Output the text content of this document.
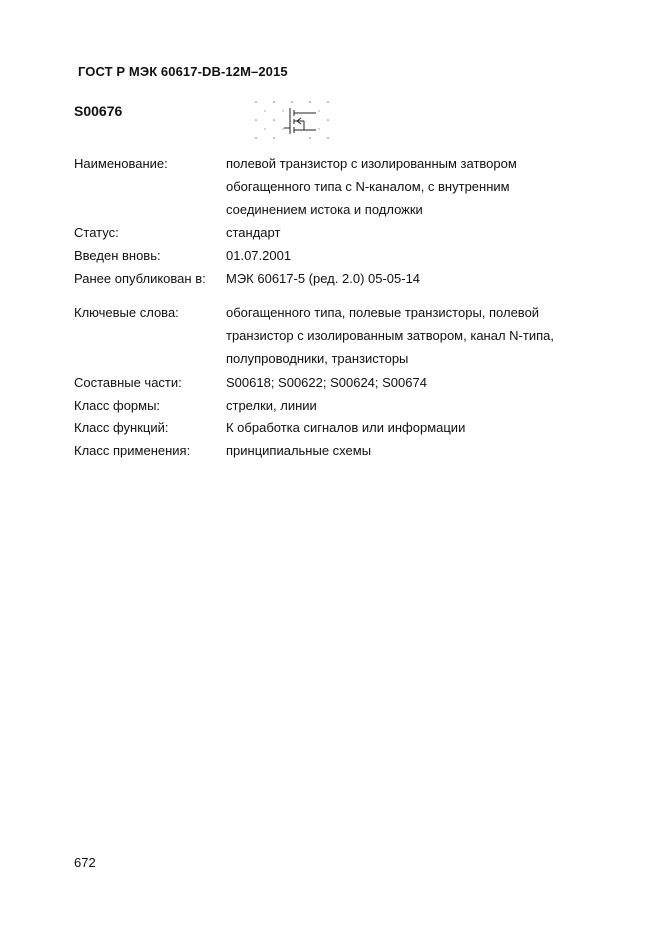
ГОСТ Р МЭК 60617-DB-12M–2015
S00676
Наименование:	полевой транзистор с изолированным затвором
обогащенного типа с N-каналом, с внутренним
соединением истока и подложки
Статус:	стандарт
Введен вновь:	01.07.2001
Ранее опубликован в: МЭК 60617-5 (ред. 2.0) 05-05-14
Ключевые слова:	обогащенного типа, полевые транзисторы, полевой
транзистор с изолированным затвором, канал N-типа,
полупроводники, транзисторы
Составные части:	S00618; S00622; S00624; S00674
Класс формы:	стрелки, линии
Класс функций:	К обработка сигналов или информации
Класс применения:	принципиальные схемы
672
